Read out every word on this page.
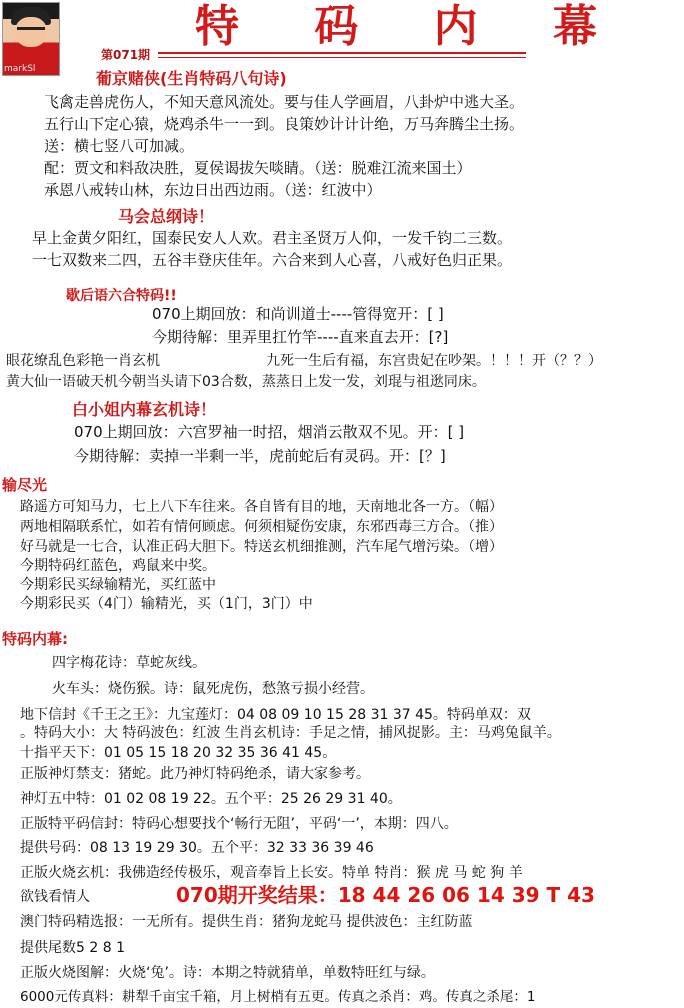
markSl
特 码 内 幕
第071期
葡京赌侠(生肖特码八句诗)
飞禽走兽虎伤人，不知天意风流处。要与佳人学画眉，八卦炉中逃大圣。
五行山下定心猿，烧鸡杀牛一一到。良策妙计计计绝，万马奔腾尘土扬。
送：横七竖八可加减。
配：贾文和料敌决胜，夏侯谒拔矢啖睛。（送：脱难江流来国土）
承恩八戒转山林，东边日出西边雨。（送：红波中）
马会总纲诗！
早上金黄夕阳红，国泰民安人人欢。君主圣贤万人仰，一发千钧二三数。
一七双数来二四，五谷丰登庆佳年。六合来到人心喜，八戒好色归正果。
歇后语六合特码!!
070上期回放：和尚训道士----管得宽开：[ ]
今期待解：里弄里扛竹竿----直来直去开：[?]
眼花缭乱色彩艳一肖玄机	九死一生后有福，东宫贵妃在吵架。！！！开（？？）
黄大仙一语破天机今朝当头请下03合数，蒸蒸日上发一发，刘琨与祖逖同床。
白小姐内幕玄机诗！
070上期回放：六宫罗袖一时招，烟消云散双不见。开：[ ]
今期待解：卖掉一半剩一半，虎前蛇后有灵码。开：[？]
输尽光
路遥方可知马力，七上八下车往来。各自皆有目的地，天南地北各一方。（幅）
两地相隔联系忙，如若有情何顾虑。何须相疑伤安康，东邪西毒三方合。（推）
好马就是一七合，认准正码大胆下。特送玄机细推测，汽车尾气增污染。（增）
今期特码红蓝色，鸡鼠来中奖。
今期彩民买绿输精光，买红蓝中
今期彩民买（4门）输精光，买（1门，3门）中
特码内幕:
四字梅花诗：草蛇灰线。
火车头：烧伤猴。诗：鼠死虎伤，愁煞亏损小经营。
地下信封《千王之王》：九宝莲灯：04 08 09 10 15 28 31 37 45。特码单双：双
。特码大小：大 特码波色：红波 生肖玄机诗：手足之情，捕风捉影。主：马鸡兔鼠羊。
十指平天下：01 05 15 18 20 32 35 36 41 45。
正版神灯禁支：猪蛇。此乃神灯特码绝杀，请大家参考。
神灯五中特：01 02 08 19 22。五个平：25 26 29 31 40。
正版特平码信封：特码心想要找个‘畅行无阻’，平码‘一’，本期：四八。
提供号码：08 13 19 29 30。五个平：32 33 36 39 46
正版火烧玄机：我佛造经传极乐，观音奉旨上长安。特单 特肖：猴 虎 马 蛇 狗 羊
欲钱看情人	070期开奖结果：18 44 26 06 14 39 T 43
澳门特码精选报：一无所有。提供生肖：猪狗龙蛇马 提供波色：主红防蓝
提供尾数5 2 8 1
正版火烧图解：火烧‘兔’。诗：本期之特就猜单，单数特旺红与绿。
6000元传真料：耕犁千亩宝千箱，月上树梢有五更。传真之杀肖：鸡。传真之杀尾：1
